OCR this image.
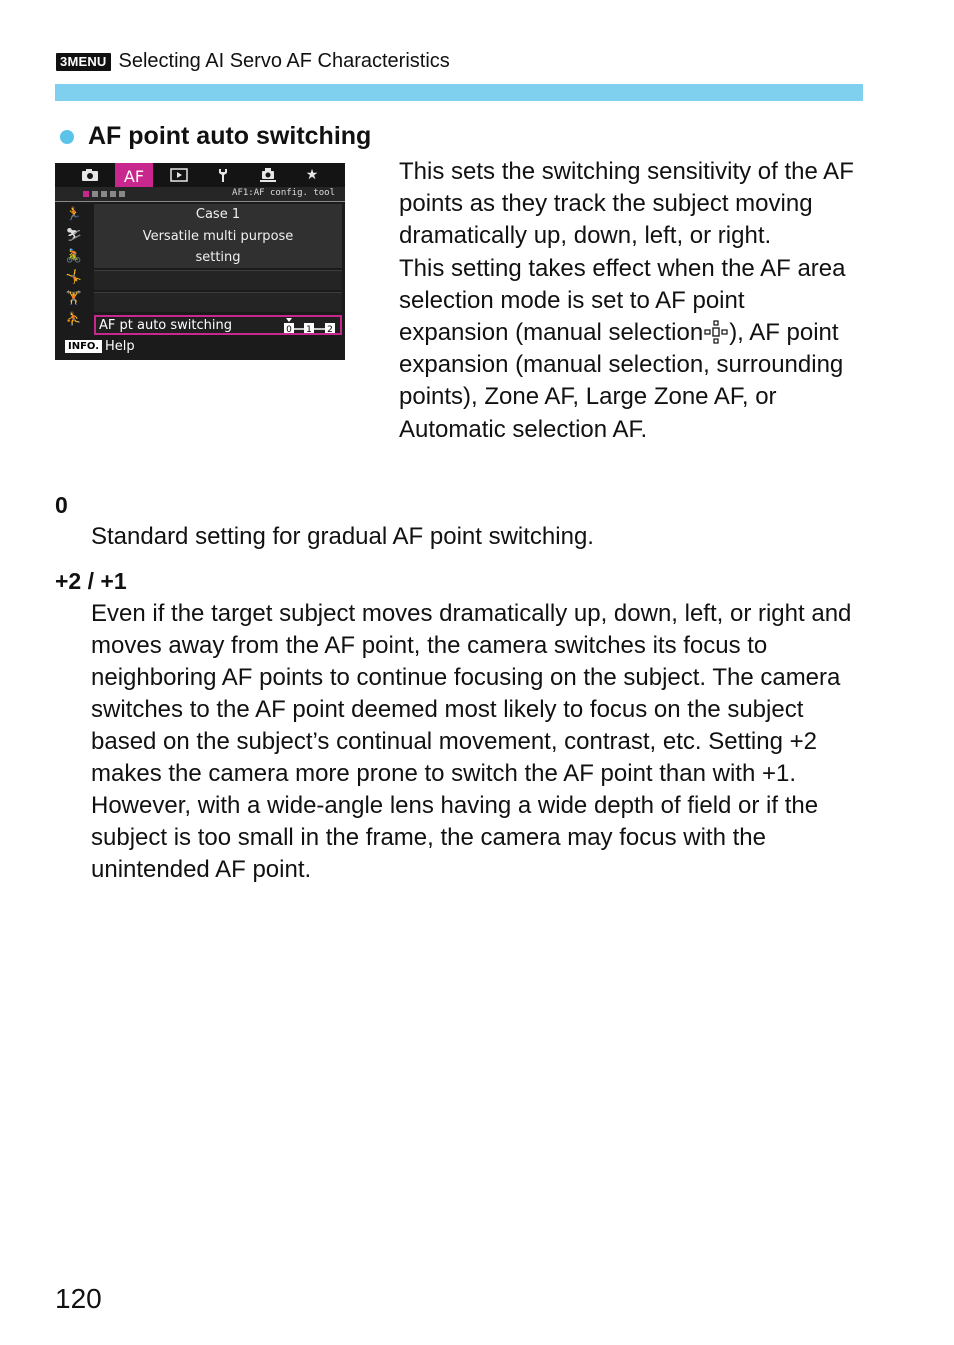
3MENU Selecting AI Servo AF Characteristics
AF point auto switching
AF	★
AF1:AF config. tool
🏃
⛷
🚴
🤸
🏋
⛹
Case 1
Versatile multi purpose
setting
AF pt auto switching	0 1 2
INFO. Help

This sets the switching sensitivity of the AF points as they track the subject moving dramatically up, down, left, or right.

This setting takes effect when the AF area selection mode is set to AF point expansion (manual selection ), AF point expansion (manual selection, surrounding points), Zone AF, Large Zone AF, or Automatic selection AF.

0

Standard setting for gradual AF point switching.

+2 / +1

Even if the target subject moves dramatically up, down, left, or right and moves away from the AF point, the camera switches its focus to neighboring AF points to continue focusing on the subject. The camera switches to the AF point deemed most likely to focus on the subject based on the subject’s continual movement, contrast, etc. Setting +2 makes the camera more prone to switch the AF point than with +1.

However, with a wide-angle lens having a wide depth of field or if the subject is too small in the frame, the camera may focus with the unintended AF point.

120
